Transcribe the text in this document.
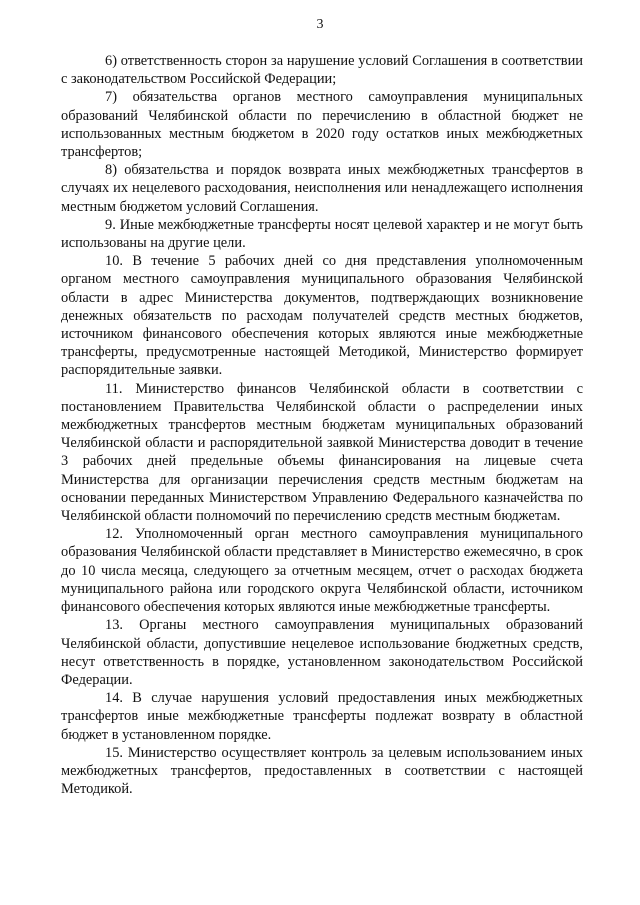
3

6) ответственность сторон за нарушение условий Соглашения в соответствии с законодательством Российской Федерации;

7) обязательства органов местного самоуправления муниципальных образований Челябинской области по перечислению в областной бюджет не использованных местным бюджетом в 2020 году остатков иных межбюджетных трансфертов;

8) обязательства и порядок возврата иных межбюджетных трансфертов в случаях их нецелевого расходования, неисполнения или ненадлежащего исполнения местным бюджетом условий Соглашения.

9. Иные межбюджетные трансферты носят целевой характер и не могут быть использованы на другие цели.

10. В течение 5 рабочих дней со дня представления уполномоченным органом местного самоуправления муниципального образования Челябинской области в адрес Министерства документов, подтверждающих возникновение денежных обязательств по расходам получателей средств местных бюджетов, источником финансового обеспечения которых являются иные межбюджетные трансферты, предусмотренные настоящей Методикой, Министерство формирует распорядительные заявки.

11. Министерство финансов Челябинской области в соответствии с постановлением Правительства Челябинской области о распределении иных межбюджетных трансфертов местным бюджетам муниципальных образований Челябинской области и распорядительной заявкой Министерства доводит в течение 3 рабочих дней предельные объемы финансирования на лицевые счета Министерства для организации перечисления средств местным бюджетам на основании переданных Министерством Управлению Федерального казначейства по Челябинской области полномочий по перечислению средств местным бюджетам.

12. Уполномоченный орган местного самоуправления муниципального образования Челябинской области представляет в Министерство ежемесячно, в срок до 10 числа месяца, следующего за отчетным месяцем, отчет о расходах бюджета муниципального района или городского округа Челябинской области, источником финансового обеспечения которых являются иные межбюджетные трансферты.

13. Органы местного самоуправления муниципальных образований Челябинской области, допустившие нецелевое использование бюджетных средств, несут ответственность в порядке, установленном законодательством Российской Федерации.

14. В случае нарушения условий предоставления иных межбюджетных трансфертов иные межбюджетные трансферты подлежат возврату в областной бюджет в установленном порядке.

15. Министерство осуществляет контроль за целевым использованием иных межбюджетных трансфертов, предоставленных в соответствии с настоящей Методикой.
